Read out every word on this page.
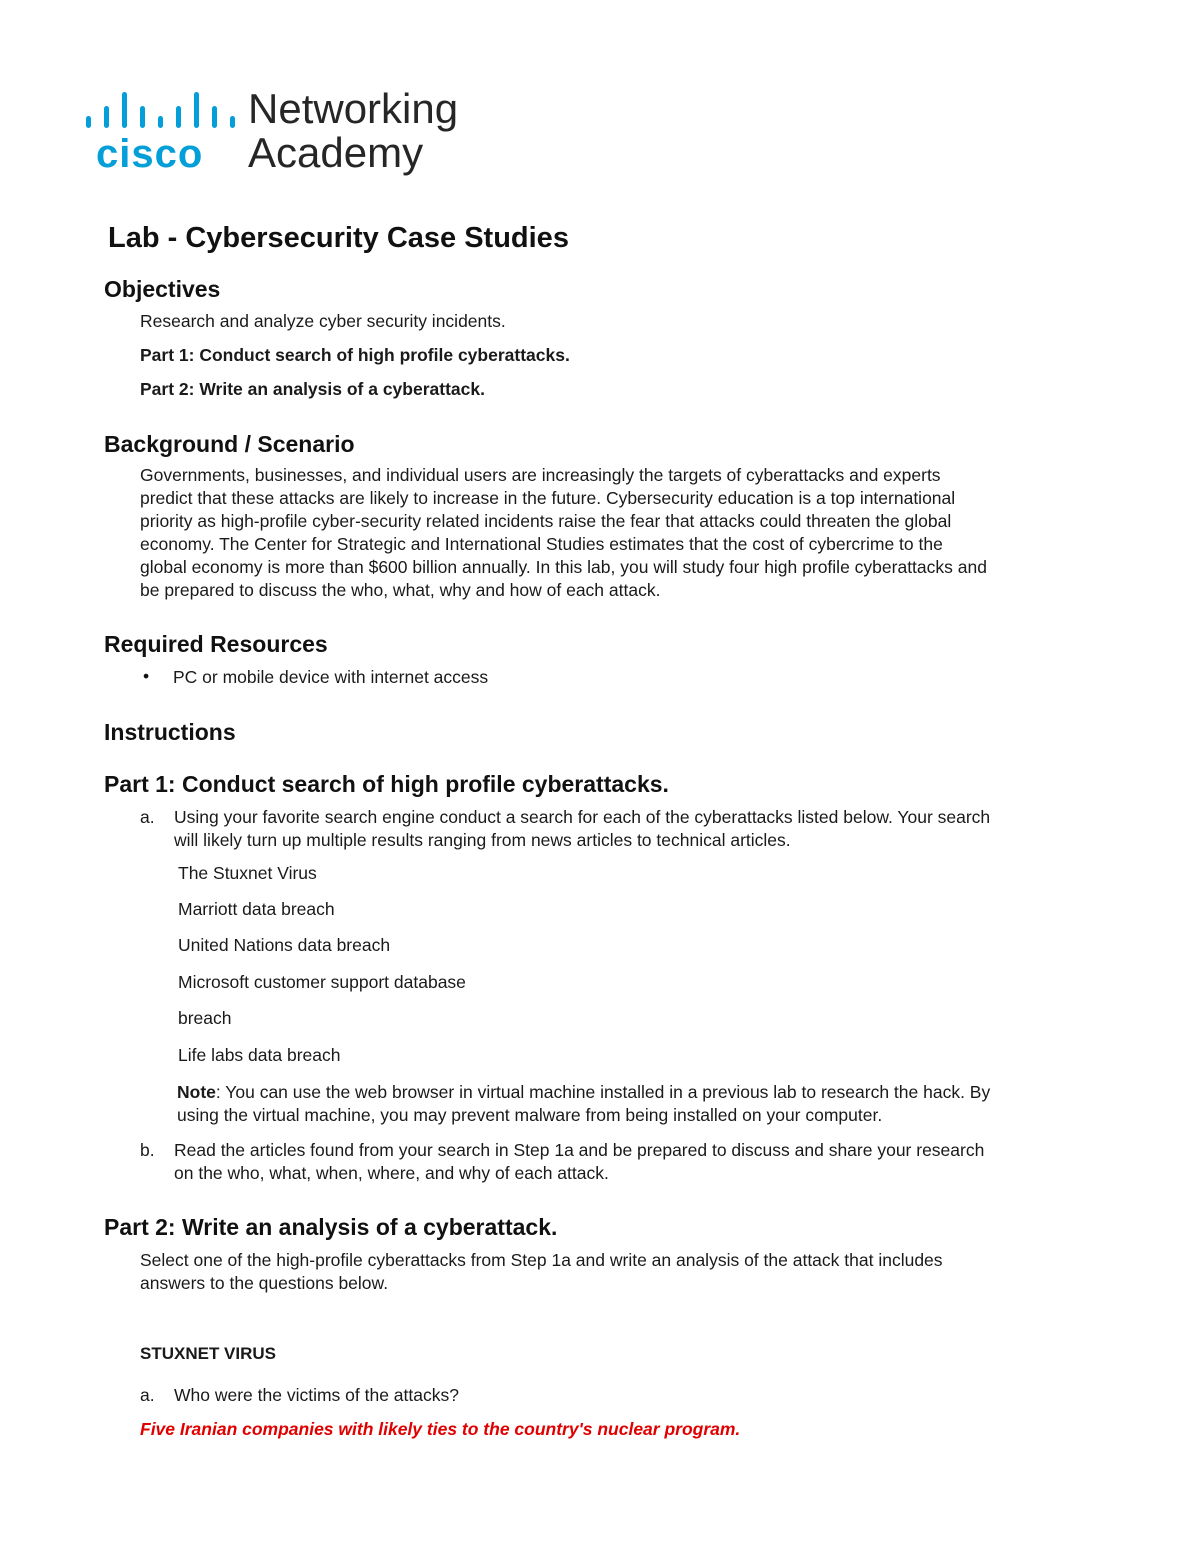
cisco
Networking
Academy
Lab - Cybersecurity Case Studies
Objectives
Research and analyze cyber security incidents.
Part 1: Conduct search of high profile cyberattacks.
Part 2: Write an analysis of a cyberattack.
Background / Scenario
Governments, businesses, and individual users are increasingly the targets of cyberattacks and experts
predict that these attacks are likely to increase in the future. Cybersecurity education is a top international
priority as high-profile cyber-security related incidents raise the fear that attacks could threaten the global
economy. The Center for Strategic and International Studies estimates that the cost of cybercrime to the
global economy is more than $600 billion annually. In this lab, you will study four high profile cyberattacks and
be prepared to discuss the who, what, why and how of each attack.
Required Resources
• PC or mobile device with internet access
Instructions
Part 1: Conduct search of high profile cyberattacks.
a. Using your favorite search engine conduct a search for each of the cyberattacks listed below. Your search
will likely turn up multiple results ranging from news articles to technical articles.
The Stuxnet Virus
Marriott data breach
United Nations data breach
Microsoft customer support database
breach
Life labs data breach
Note: You can use the web browser in virtual machine installed in a previous lab to research the hack. By
using the virtual machine, you may prevent malware from being installed on your computer.
b. Read the articles found from your search in Step 1a and be prepared to discuss and share your research
on the who, what, when, where, and why of each attack.
Part 2: Write an analysis of a cyberattack.
Select one of the high-profile cyberattacks from Step 1a and write an analysis of the attack that includes
answers to the questions below.
STUXNET VIRUS
a. Who were the victims of the attacks?
Five Iranian companies with likely ties to the country's nuclear program.
